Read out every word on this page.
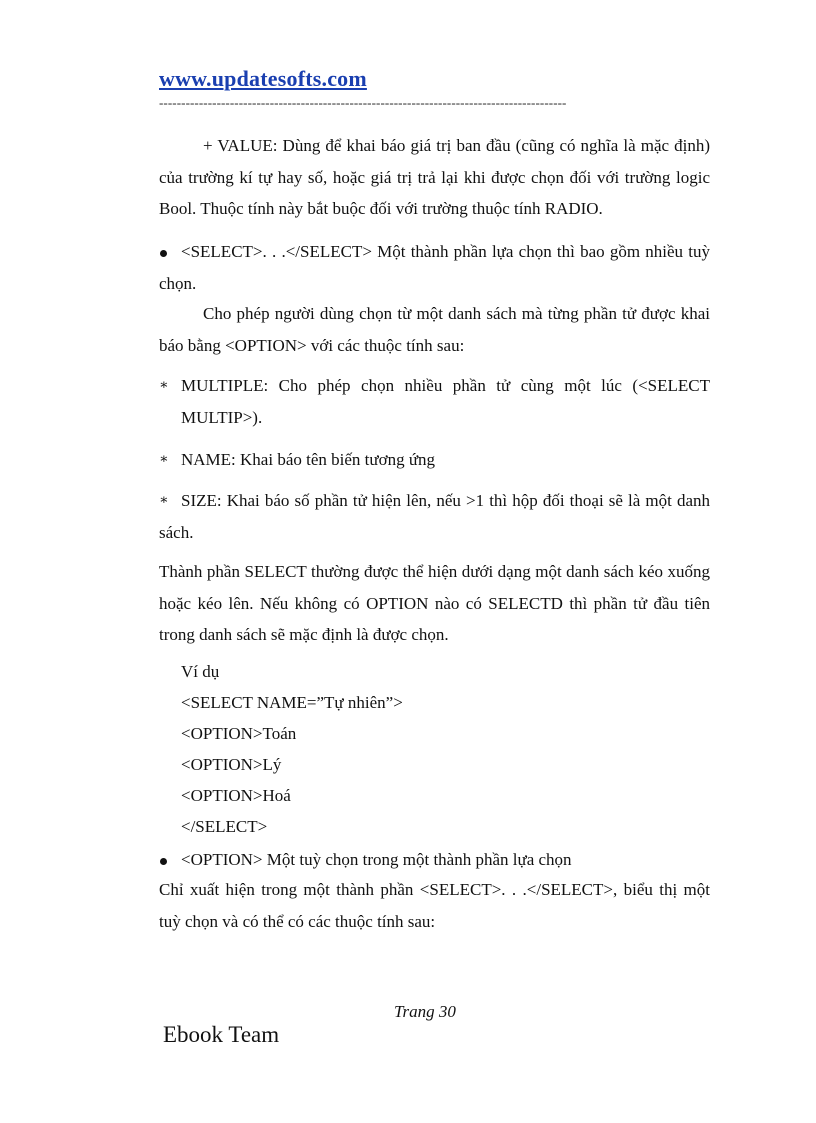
www.updatesofts.com
--------------------------------------------------------------------------------------------
+ VALUE: Dùng để khai báo giá trị ban đầu (cũng có nghĩa là mặc định) của trường kí tự hay số, hoặc giá trị trả lại khi được chọn đối với trường logic Bool. Thuộc tính này bắt buộc đối với trường thuộc tính RADIO.
<SELECT>. . .</SELECT> Một thành phần lựa chọn thì bao gồm nhiều tuỳ chọn.
Cho phép người dùng chọn từ một danh sách mà từng phần tử được khai báo bằng <OPTION> với các thuộc tính sau:
∗ MULTIPLE: Cho phép chọn nhiều phần tử cùng một lúc (<SELECT MULTIP>).
∗ NAME: Khai báo tên biến tương ứng
∗ SIZE: Khai báo số phần tử hiện lên, nếu >1 thì hộp đối thoại sẽ là một danh sách.
Thành phần SELECT thường được thể hiện dưới dạng một danh sách kéo xuống hoặc kéo lên. Nếu không có OPTION nào có SELECTD thì phần tử đầu tiên trong danh sách sẽ mặc định là được chọn.
Ví dụ
<SELECT NAME=”Tự nhiên”>
<OPTION>Toán
<OPTION>Lý
<OPTION>Hoá
</SELECT>
<OPTION> Một tuỳ chọn trong một thành phần lựa chọn
Chỉ xuất hiện trong một thành phần <SELECT>. . .</SELECT>, biểu thị một tuỳ chọn và có thể có các thuộc tính sau:
Trang 30
Ebook Team
